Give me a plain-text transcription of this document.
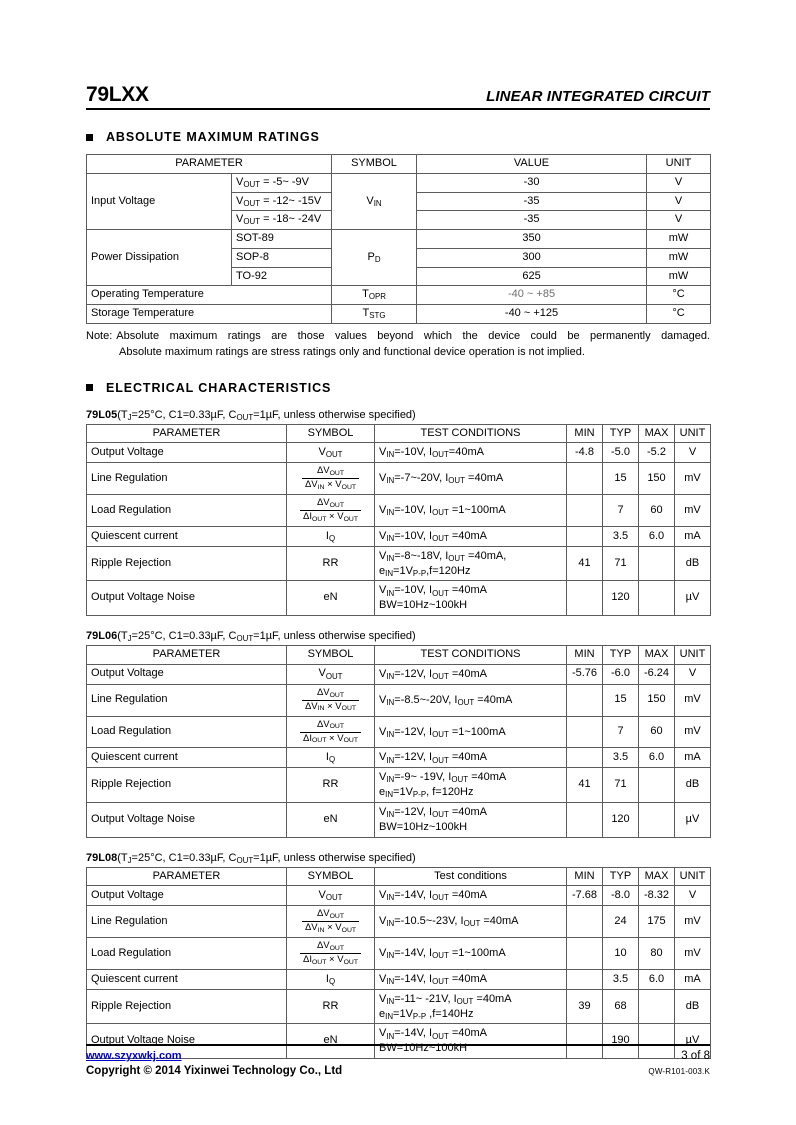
79LXX	LINEAR INTEGRATED CIRCUIT
ABSOLUTE MAXIMUM RATINGS
PARAMETER		SYMBOL	VALUE	UNIT
Input Voltage	$V_{OUT}$ = -5~ -9V	$V_{IN}$	-30	V
	$V_{OUT}$ = -12~ -15V		-35	V
	$V_{OUT}$ = -18~ -24V		-35	V
Power Dissipation	SOT-89	$P_D$	350	mW
	SOP-8		300	mW
	TO-92		625	mW
Operating Temperature		$T_{OPR}$	-40 ~ +85	°C
Storage Temperature		$T_{STG}$	-40 ~ +125	°C
Note: Absolute maximum ratings are those values beyond which the device could be permanently damaged.
Absolute maximum ratings are stress ratings only and functional device operation is not implied.
ELECTRICAL CHARACTERISTICS
$79L05(T_J=25^\circ C$, C1=0.33µF, $C_{OUT}=1\mu F$, unless otherwise specified)
PARAMETER	SYMBOL	TEST CONDITIONS	MIN	TYP	MAX	UNIT
Output Voltage	$V_{OUT}$	$V_{IN}=-10V$, $I_{OUT}=40mA$	-4.8	-5.0	-5.2	V
Line Regulation	$\frac{\Delta V_{OUT}}{\Delta V_{IN} \times V_{OUT}}$	$V_{IN}=-7\sim-20V$, $I_{OUT} =40mA$		15	150	mV
Load Regulation	$\frac{\Delta V_{OUT}}{\Delta I_{OUT} \times V_{OUT}}$	$V_{IN}=-10V$, $I_{OUT}$ =1~100mA		7	60	mV
Quiescent current	$I_Q$	$V_{IN}=-10V$, $I_{OUT} =40mA$		3.5	6.0	mA
Ripple Rejection	RR	$V_{IN}=-8\sim-18V$, $I_{OUT} =40mA$,
$e_{IN}=1V_{P-P},f=120Hz$	41	71		dB
Output Voltage Noise	eN	$V_{IN}=-10V$, $I_{OUT} =40mA$
BW=10Hz~100kH		120		µV
$79L06(T_J=25^\circ C$, C1=0.33µF, $C_{OUT}=1\mu F$, unless otherwise specified)
PARAMETER	SYMBOL	TEST CONDITIONS	MIN	TYP	MAX	UNIT
Output Voltage	$V_{OUT}$	$V_{IN}=-12V$, $I_{OUT} =40mA$	-5.76	-6.0	-6.24	V
Line Regulation	$\frac{\Delta V_{OUT}}{\Delta V_{IN} \times V_{OUT}}$	$V_{IN}=-8.5\sim-20V$, $I_{OUT} =40mA$		15	150	mV
Load Regulation	$\frac{\Delta V_{OUT}}{\Delta I_{OUT} \times V_{OUT}}$	$V_{IN}=-12V$, $I_{OUT}$ =1~100mA		7	60	mV
Quiescent current	$I_Q$	$V_{IN}=-12V$, $I_{OUT} =40mA$		3.5	6.0	mA
Ripple Rejection	RR	$V_{IN}=-9\sim$ -19V, $I_{OUT} =40mA$
$e_{IN}=1V_{P-P}$, f=120Hz	41	71		dB
Output Voltage Noise	eN	$V_{IN}=-12V$, $I_{OUT} =40mA$
BW=10Hz~100kH		120		µV
$79L08(T_J=25^\circ C$, C1=0.33µF, $C_{OUT}=1\mu F$, unless otherwise specified)
PARAMETER	SYMBOL	Test conditions	MIN	TYP	MAX	UNIT
Output Voltage	$V_{OUT}$	$V_{IN}=-14V$, $I_{OUT} =40mA$	-7.68	-8.0	-8.32	V
Line Regulation	$\frac{\Delta V_{OUT}}{\Delta V_{IN} \times V_{OUT}}$	$V_{IN}=-10.5\sim-23V$, $I_{OUT} =40mA$		24	175	mV
Load Regulation	$\frac{\Delta V_{OUT}}{\Delta I_{OUT} \times V_{OUT}}$	$V_{IN}=-14V$, $I_{OUT}$ =1~100mA		10	80	mV
Quiescent current	$I_Q$	$V_{IN}=-14V$, $I_{OUT} =40mA$		3.5	6.0	mA
Ripple Rejection	RR	$V_{IN}=-11\sim$ -21V, $I_{OUT} =40mA$
$e_{IN}=1V_{P-P}$ ,f=140Hz	39	68		dB
Output Voltage Noise	eN	$V_{IN}=-14V$, $I_{OUT} =40mA$
BW=10Hz~100kH		190		µV
www.szyxwkj.com	3 of 8
Copyright © 2014 Yixinwei Technology Co., Ltd	QW-R101-003.K
